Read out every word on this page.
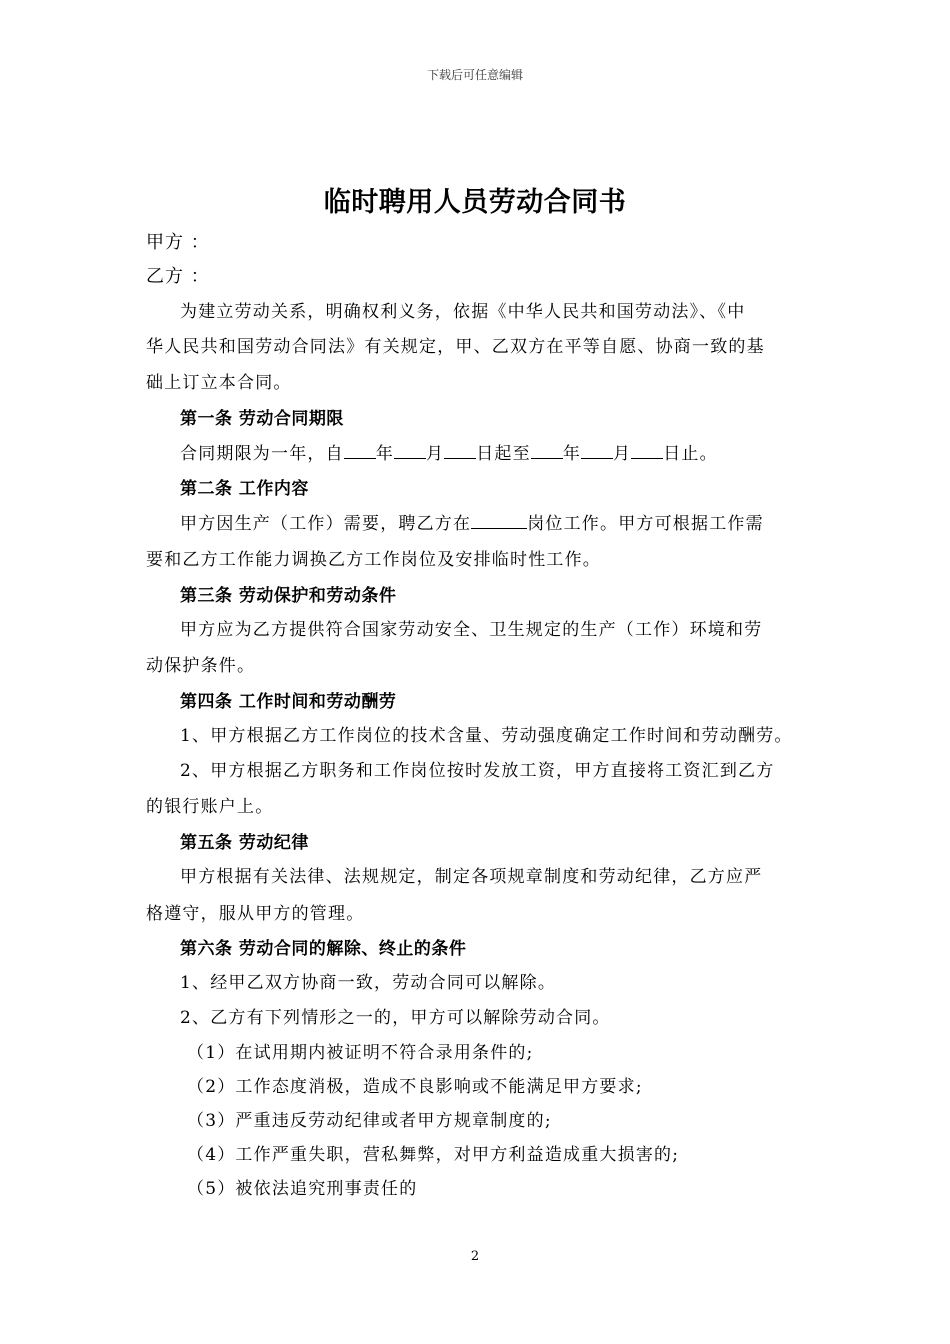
下载后可任意编辑
临时聘用人员劳动合同书
甲方 ：
乙方 ：
为建立劳动关系，明确权利义务，依据《中华人民共和国劳动法》、《中
华人民共和国劳动合同法》有关规定，甲、乙双方在平等自愿、协商一致的基
础上订立本合同。
第一条 劳动合同期限
合同期限为一年，自 年 月 日起至 年 月 日止。
第二条 工作内容
甲方因生产（工作）需要，聘乙方在	岗位工作。甲方可根据工作需
要和乙方工作能力调换乙方工作岗位及安排临时性工作。
第三条 劳动保护和劳动条件
甲方应为乙方提供符合国家劳动安全、卫生规定的生产（工作）环境和劳
动保护条件。
第四条 工作时间和劳动酬劳
1、甲方根据乙方工作岗位的技术含量、劳动强度确定工作时间和劳动酬劳。
2、甲方根据乙方职务和工作岗位按时发放工资，甲方直接将工资汇到乙方
的银行账户上。
第五条 劳动纪律
甲方根据有关法律、法规规定，制定各项规章制度和劳动纪律，乙方应严
格遵守，服从甲方的管理。
第六条 劳动合同的解除、终止的条件
1、经甲乙双方协商一致，劳动合同可以解除。
2、乙方有下列情形之一的，甲方可以解除劳动合同。
（1）在试用期内被证明不符合录用条件的;
（2）工作态度消极，造成不良影响或不能满足甲方要求;
（3）严重违反劳动纪律或者甲方规章制度的;
（4）工作严重失职，营私舞弊，对甲方利益造成重大损害的;
（5）被依法追究刑事责任的
2
